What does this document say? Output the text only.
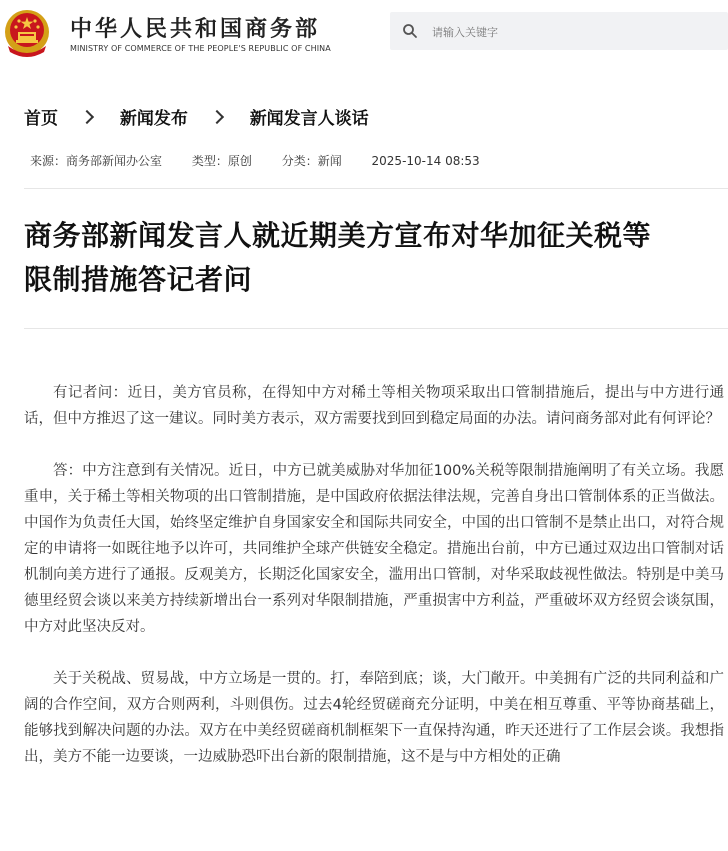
中华人民共和国商务部
MINISTRY OF COMMERCE OF THE PEOPLE'S REPUBLIC OF CHINA
请输入关键字
首页	新闻发布	新闻发言人谈话
来源：商务部新闻办公室 类型：原创 分类：新闻 2025-10-14 08:53
商务部新闻发言人就近期美方宣布对华加征关税等
限制措施答记者问

有记者问：近日，美方官员称，在得知中方对稀土等相关物项采取出口管制措施后，提出与中方进行通话，但中方推迟了这一建议。同时美方表示，双方需要找到回到稳定局面的办法。请问商务部对此有何评论？

答：中方注意到有关情况。近日，中方已就美威胁对华加征100%关税等限制措施阐明了有关立场。我愿重申，关于稀土等相关物项的出口管制措施，是中国政府依据法律法规，完善自身出口管制体系的正当做法。中国作为负责任大国，始终坚定维护自身国家安全和国际共同安全，中国的出口管制不是禁止出口，对符合规定的申请将一如既往地予以许可，共同维护全球产供链安全稳定。措施出台前，中方已通过双边出口管制对话机制向美方进行了通报。反观美方，长期泛化国家安全，滥用出口管制，对华采取歧视性做法。特别是中美马德里经贸会谈以来美方持续新增出台一系列对华限制措施，严重损害中方利益，严重破坏双方经贸会谈氛围，中方对此坚决反对。

关于关税战、贸易战，中方立场是一贯的。打，奉陪到底；谈，大门敞开。中美拥有广泛的共同利益和广阔的合作空间，双方合则两利，斗则俱伤。过去4轮经贸磋商充分证明，中美在相互尊重、平等协商基础上，能够找到解决问题的办法。双方在中美经贸磋商机制框架下一直保持沟通，昨天还进行了工作层会谈。我想指出，美方不能一边要谈，一边威胁恐吓出台新的限制措施，这不是与中方相处的正确
